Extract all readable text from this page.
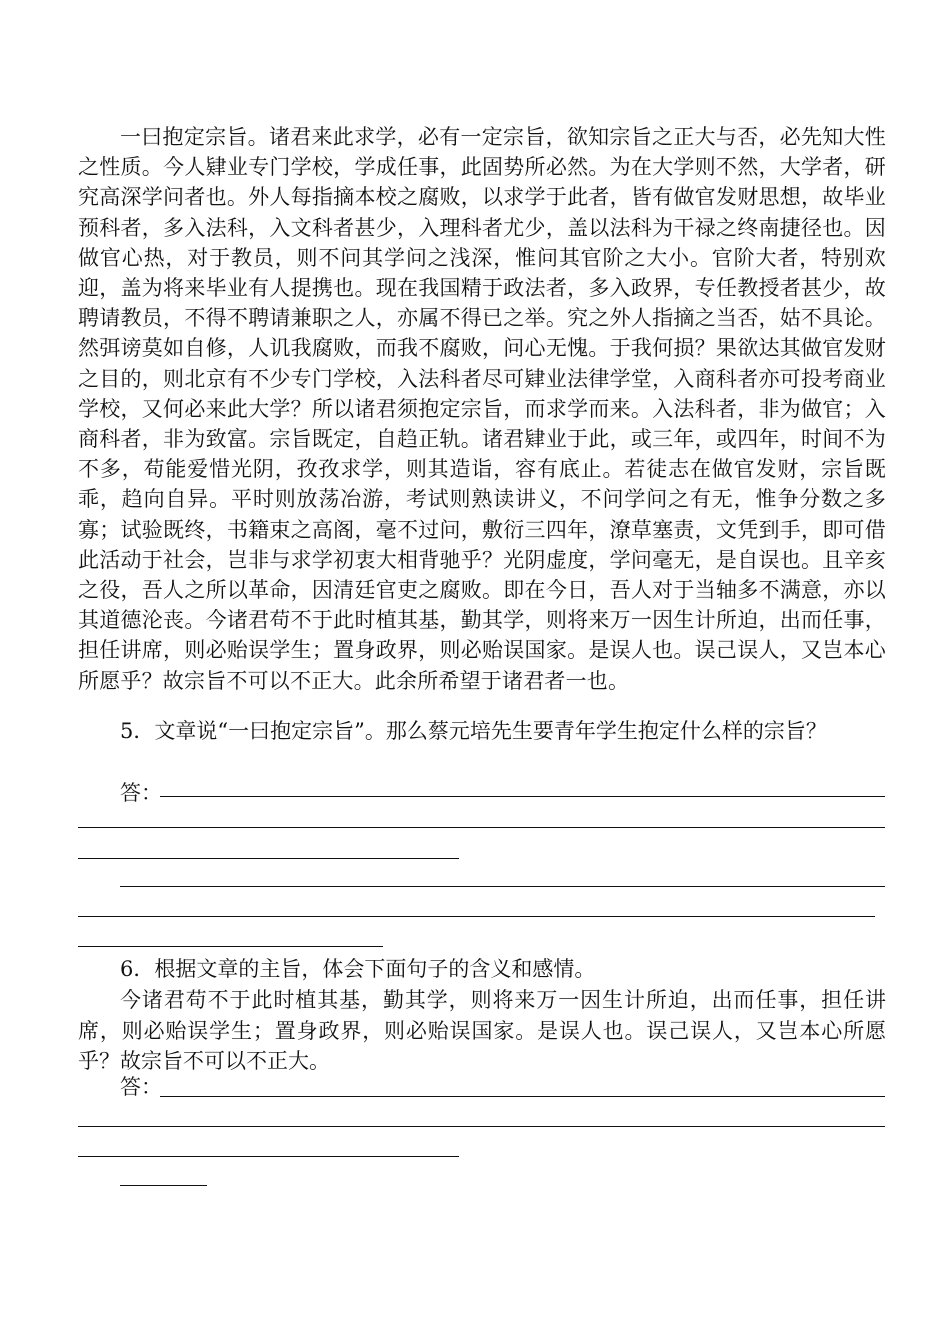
一曰抱定宗旨。诸君来此求学，必有一定宗旨，欲知宗旨之正大与否，必先知大性之性质。今人肄业专门学校，学成任事，此固势所必然。为在大学则不然，大学者，研究高深学问者也。外人每指摘本校之腐败，以求学于此者，皆有做官发财思想，故毕业预科者，多入法科，入文科者甚少，入理科者尤少，盖以法科为干禄之终南捷径也。因做官心热，对于教员，则不问其学问之浅深，惟问其官阶之大小。官阶大者，特别欢迎，盖为将来毕业有人提携也。现在我国精于政法者，多入政界，专任教授者甚少，故聘请教员，不得不聘请兼职之人，亦属不得已之举。究之外人指摘之当否，姑不具论。然弭谤莫如自修，人讥我腐败，而我不腐败，问心无愧。于我何损？果欲达其做官发财之目的，则北京有不少专门学校，入法科者尽可肄业法律学堂，入商科者亦可投考商业学校，又何必来此大学？所以诸君须抱定宗旨，而求学而来。入法科者，非为做官；入商科者，非为致富。宗旨既定，自趋正轨。诸君肄业于此，或三年，或四年，时间不为不多，苟能爱惜光阴，孜孜求学，则其造诣，容有底止。若徒志在做官发财，宗旨既乖，趋向自异。平时则放荡冶游，考试则熟读讲义，不问学问之有无，惟争分数之多寡；试验既终，书籍束之高阁，毫不过问，敷衍三四年，潦草塞责，文凭到手，即可借此活动于社会，岂非与求学初衷大相背驰乎？光阴虚度，学问毫无，是自误也。且辛亥之役，吾人之所以革命，因清廷官吏之腐败。即在今日，吾人对于当轴多不满意，亦以其道德沦丧。今诸君苟不于此时植其基，勤其学，则将来万一因生计所迫，出而任事，担任讲席，则必贻误学生；置身政界，则必贻误国家。是误人也。误己误人，又岂本心所愿乎？故宗旨不可以不正大。此余所希望于诸君者一也。

5．文章说“一曰抱定宗旨”。那么蔡元培先生要青年学生抱定什么样的宗旨？
答：
6．根据文章的主旨，体会下面句子的含义和感情。

今诸君苟不于此时植其基，勤其学，则将来万一因生计所迫，出而任事，担任讲席，则必贻误学生；置身政界，则必贻误国家。是误人也。误己误人，又岂本心所愿乎？故宗旨不可以不正大。

答：
